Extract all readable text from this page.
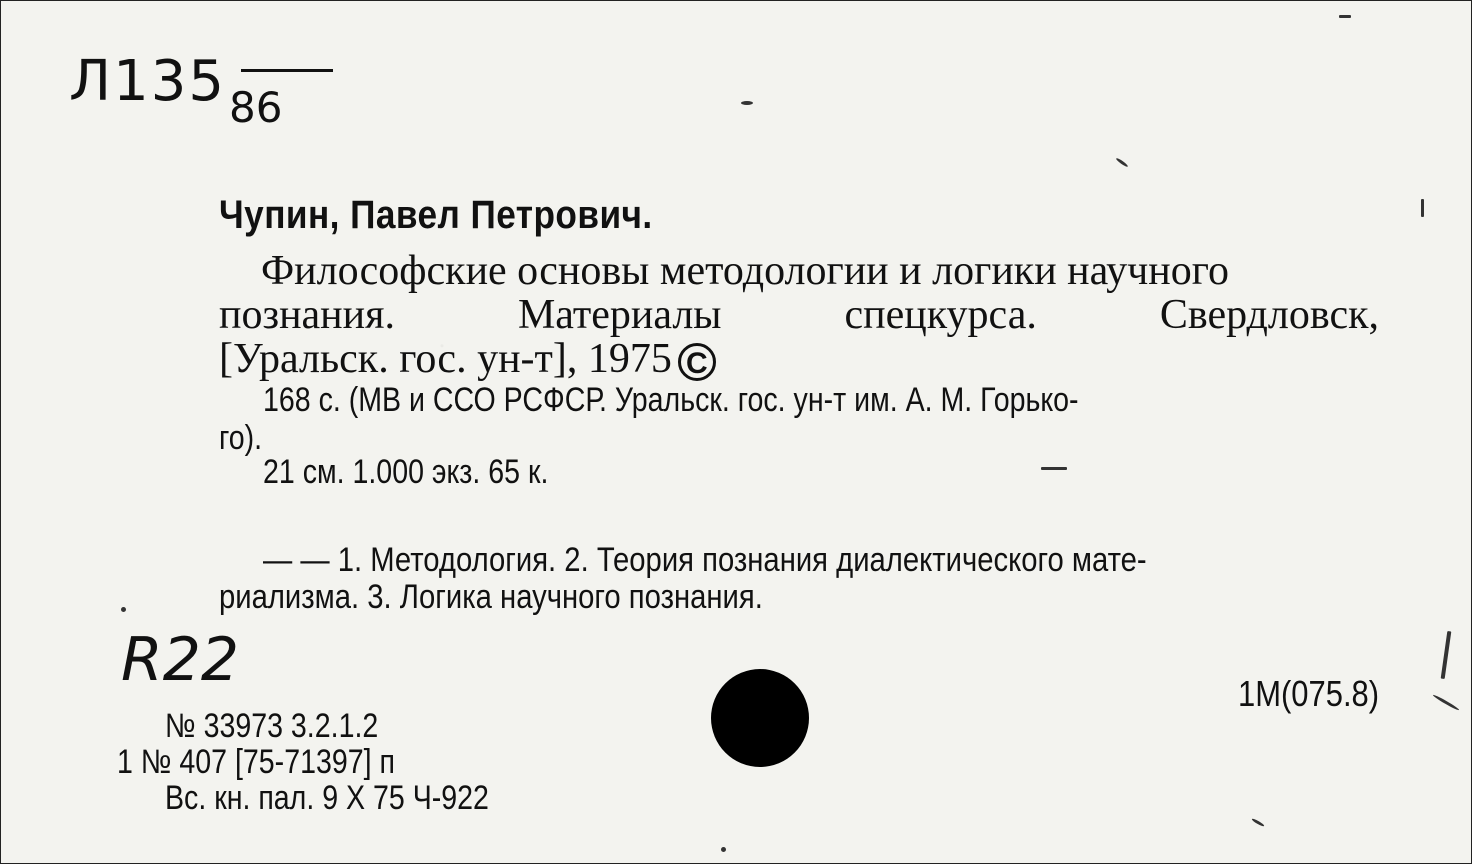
Л135 86
Чупин, Павел Петрович.
Философские основы методологии и логики научного
познания. Материалы спецкурса. Свердловск,
[Уральск. гос. ун-т], 1975 C
168 с. (МВ и ССО РСФСР. Уральск. гос. ун-т им. А. М. Горько-
го).
21 см. 1.000 экз. 65 к.
— — 1. Методология. 2. Теория познания диалектического мате-
риализма. 3. Логика научного познания.
R22	1М(075.8)
№ 33973 3.2.1.2
1 № 407 [75-71397] п
Вс. кн. пал. 9 X 75 Ч-922
